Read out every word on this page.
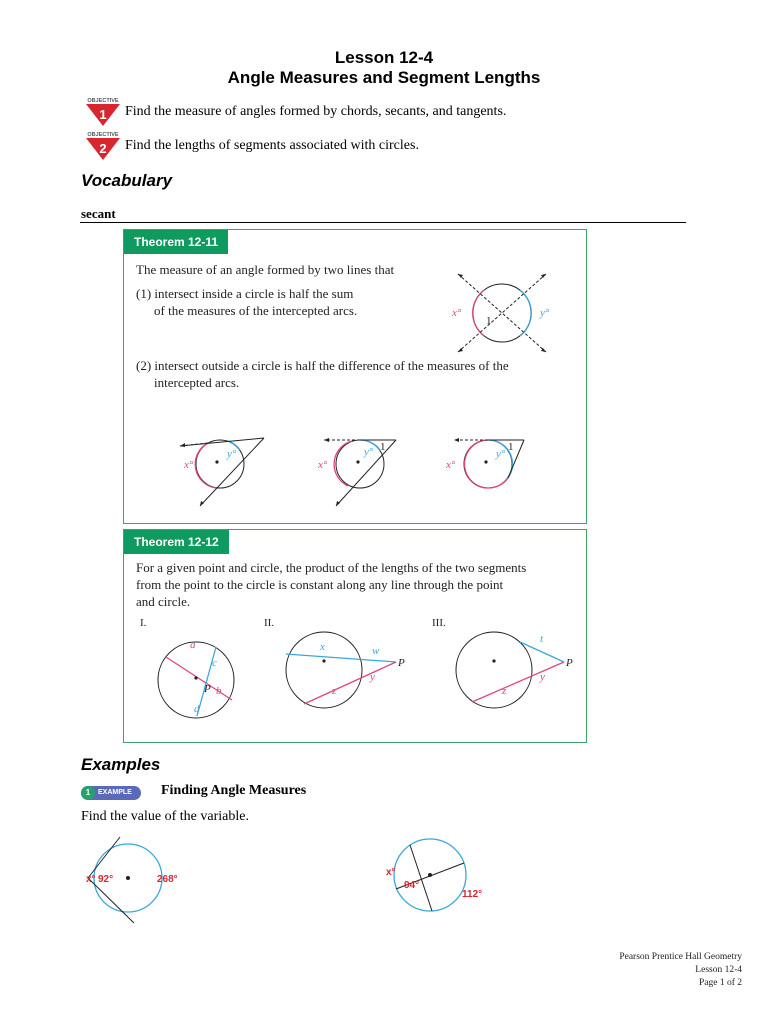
Lesson 12-4
Angle Measures and Segment Lengths
OBJECTIVE
1 Find the measure of angles formed by chords, secants, and tangents.
OBJECTIVE
2 Find the lengths of segments associated with circles.
Vocabulary
secant
Theorem 12-11
The measure of an angle formed by two lines that
(1) intersect inside a circle is half the sum
of the measures of the intercepted arcs.
(2) intersect outside a circle is half the difference of the measures of the
intercepted arcs.
x°	y°
1
x°
y°
x°
y° 1
x°
y°
1
Theorem 12-12
For a given point and circle, the product of the lengths of the two segments
from the point to the circle is constant along any line through the point
and circle.
I.
a
b
c
d
P
II.
x	w
y
z
P
III.
t
y
z
P
Examples
1	EXAMPLE Finding Angle Measures
Find the value of the variable.
x° 92°	268°
x°
94°
112°
Pearson Prentice Hall Geometry
Lesson 12-4
Page 1 of 2
